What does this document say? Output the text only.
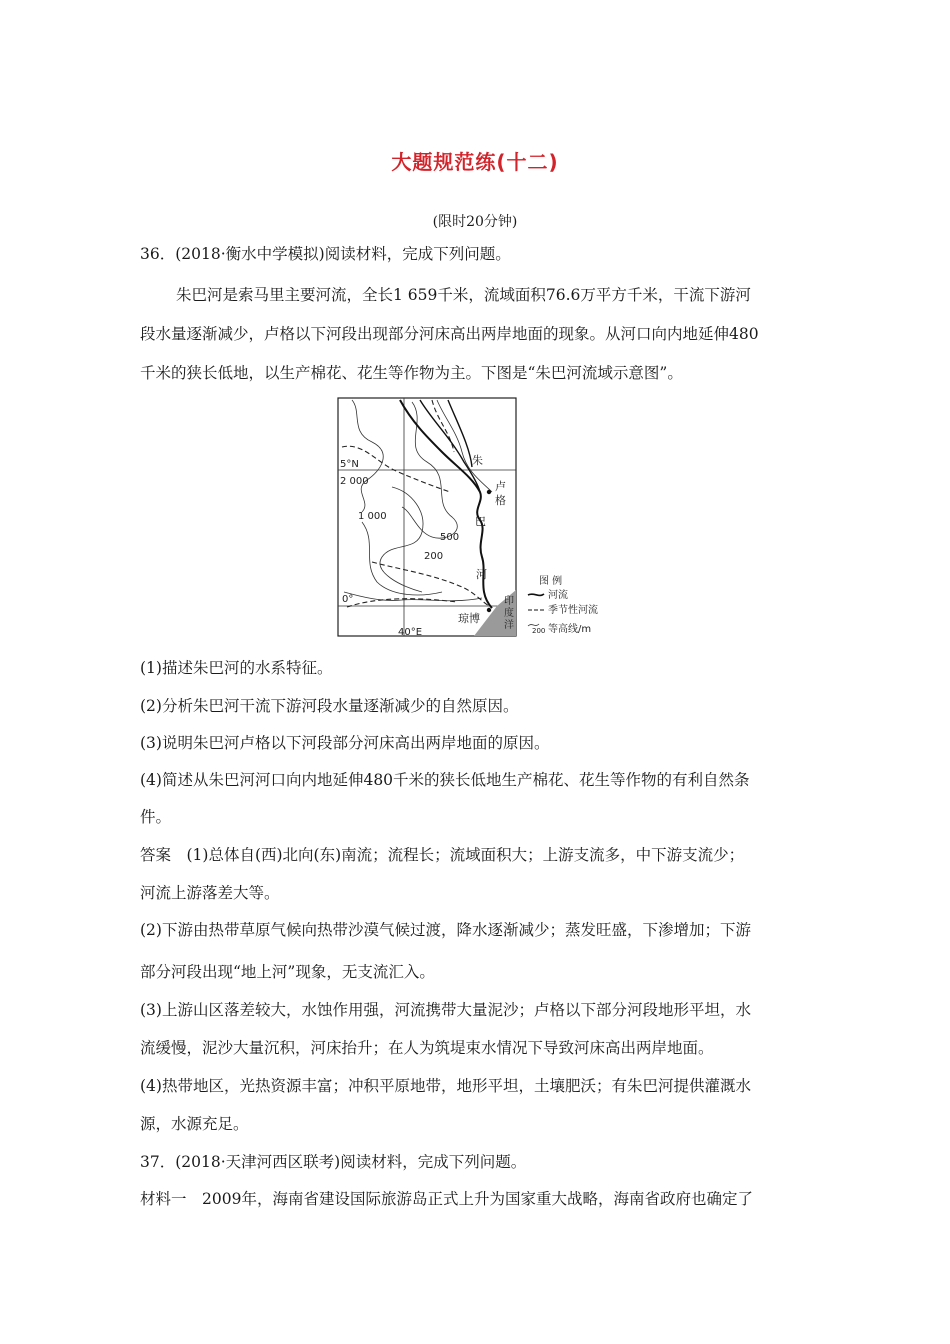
大题规范练(十二)
(限时20分钟)
36．(2018·衡水中学模拟)阅读材料，完成下列问题。
朱巴河是索马里主要河流，全长1 659千米，流域面积76.6万平方千米，干流下游河
段水量逐渐减少，卢格以下河段出现部分河床高出两岸地面的现象。从河口向内地延伸480
千米的狭长低地，以生产棉花、花生等作物为主。下图是“朱巴河流域示意图”。
5°N
0°
40°E
2 000
1 000
500
200
朱
巴
河
卢
格
琼博
印
度
洋
图 例
河流
季节性河流
200 等高线/m
(1)描述朱巴河的水系特征。
(2)分析朱巴河干流下游河段水量逐渐减少的自然原因。
(3)说明朱巴河卢格以下河段部分河床高出两岸地面的原因。
(4)简述从朱巴河河口向内地延伸480千米的狭长低地生产棉花、花生等作物的有利自然条
件。
答案　(1)总体自(西)北向(东)南流；流程长；流域面积大；上游支流多，中下游支流少；
河流上游落差大等。
(2)下游由热带草原气候向热带沙漠气候过渡，降水逐渐减少；蒸发旺盛，下渗增加；下游
部分河段出现“地上河”现象，无支流汇入。
(3)上游山区落差较大，水蚀作用强，河流携带大量泥沙；卢格以下部分河段地形平坦，水
流缓慢，泥沙大量沉积，河床抬升；在人为筑堤束水情况下导致河床高出两岸地面。
(4)热带地区，光热资源丰富；冲积平原地带，地形平坦，土壤肥沃；有朱巴河提供灌溉水
源，水源充足。
37．(2018·天津河西区联考)阅读材料，完成下列问题。
材料一　2009年，海南省建设国际旅游岛正式上升为国家重大战略，海南省政府也确定了
